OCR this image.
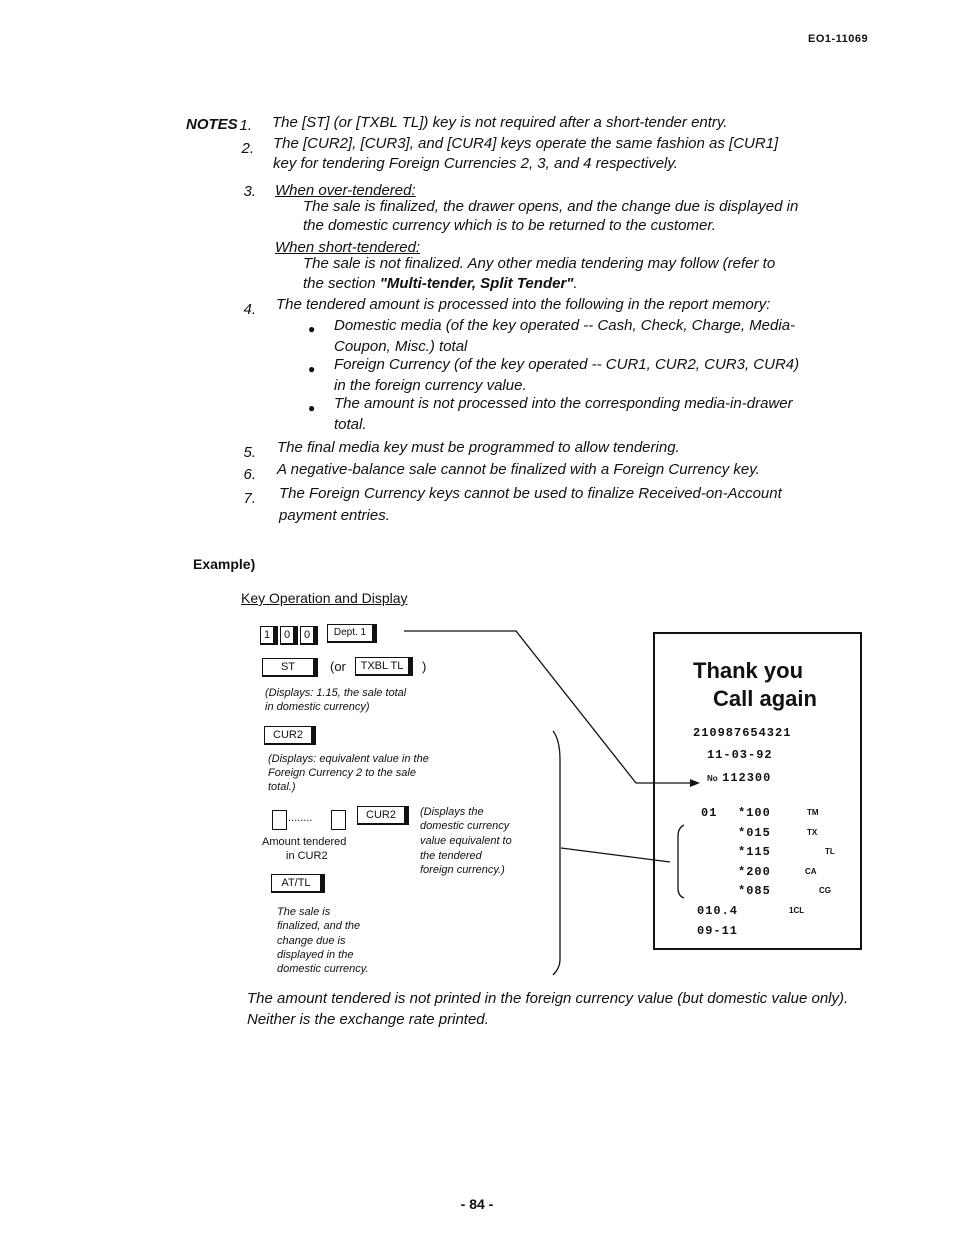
EO1-11069
NOTES 1. The [ST] (or [TXBL TL]) key is not required after a short-tender entry.
2. The [CUR2], [CUR3], and [CUR4] keys operate the same fashion as [CUR1]
key for tendering Foreign Currencies 2, 3, and 4 respectively.
3. When over-tendered:
The sale is finalized, the drawer opens, and the change due is displayed in
the domestic currency which is to be returned to the customer.
When short-tendered:
The sale is not finalized. Any other media tendering may follow (refer to
the section "Multi-tender, Split Tender".
4. The tendered amount is processed into the following in the report memory:
● Domestic media (of the key operated -- Cash, Check, Charge, Media-
Coupon, Misc.) total
● Foreign Currency (of the key operated -- CUR1, CUR2, CUR3, CUR4)
in the foreign currency value.
● The amount is not processed into the corresponding media-in-drawer
total.
5. The final media key must be programmed to allow tendering.
6. A negative-balance sale cannot be finalized with a Foreign Currency key.
7. The Foreign Currency keys cannot be used to finalize Received-on-Account
payment entries.
Example)
Key Operation and Display
1	0	0	Dept. 1
ST	(or	TXBL TL	)
(Displays: 1.15, the sale total
in domestic currency)
CUR2
(Displays: equivalent value in the
Foreign Currency 2 to the sale
total.)
........	CUR2
Amount tendered
in CUR2
(Displays the
domestic currency
value equivalent to
the tendered
foreign currency.)
AT/TL
The sale is
finalized, and the
change due is
displayed in the
domestic currency.
Thank you
Call again
210987654321
11-03-92
No 112300
01 *100	TM
*015	TX
*115	TL
*200	CA
*085	CG
010.4	1CL
09-11
The amount tendered is not printed in the foreign currency value (but domestic value only). Neither is the exchange rate printed.
- 84 -
